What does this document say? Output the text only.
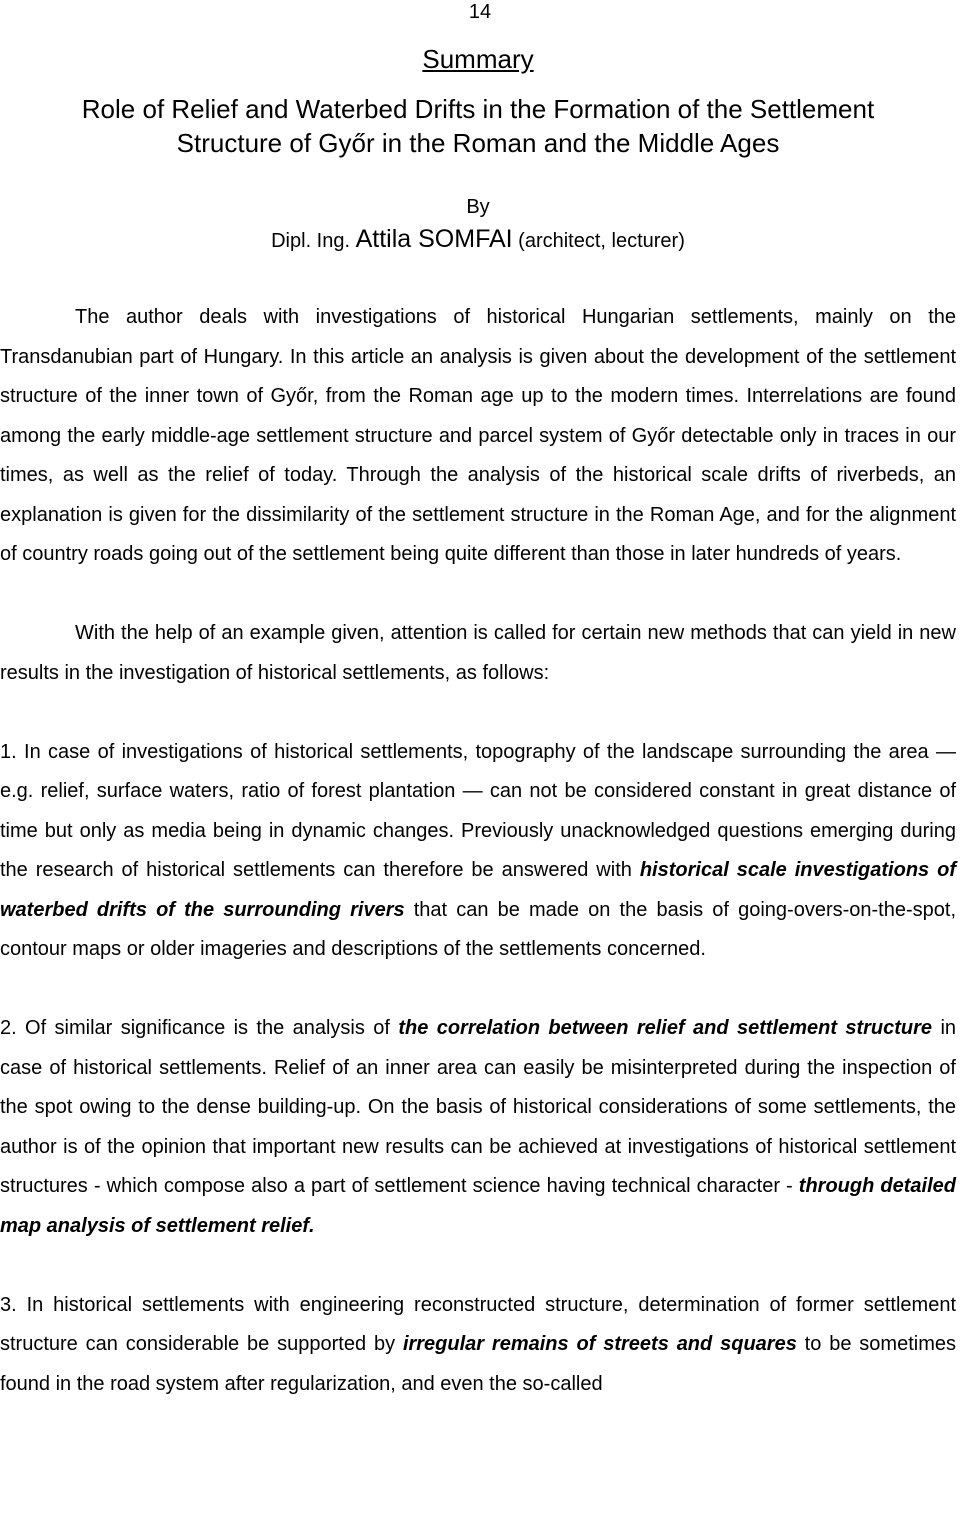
14
Summary
Role of Relief and Waterbed Drifts in the Formation of the Settlement
Structure of Győr in the Roman and the Middle Ages
By
Dipl. Ing. Attila SOMFAI (architect, lecturer)

The author deals with investigations of historical Hungarian settlements, mainly on the Transdanubian part of Hungary. In this article an analysis is given about the development of the settlement structure of the inner town of Győr, from the Roman age up to the modern times. Interrelations are found among the early middle-age settlement structure and parcel system of Győr detectable only in traces in our times, as well as the relief of today. Through the analysis of the historical scale drifts of riverbeds, an explanation is given for the dissimilarity of the settlement structure in the Roman Age, and for the alignment of country roads going out of the settlement being quite different than those in later hundreds of years.

With the help of an example given, attention is called for certain new methods that can yield in new results in the investigation of historical settlements, as follows:

1. In case of investigations of historical settlements, topography of the landscape surrounding the area — e.g. relief, surface waters, ratio of forest plantation — can not be considered constant in great distance of time but only as media being in dynamic changes. Previously unacknowledged questions emerging during the research of historical settlements can therefore be answered with historical scale investigations of waterbed drifts of the surrounding rivers that can be made on the basis of going-overs-on-the-spot, contour maps or older imageries and descriptions of the settlements concerned.

2. Of similar significance is the analysis of the correlation between relief and settlement structure in case of historical settlements. Relief of an inner area can easily be misinterpreted during the inspection of the spot owing to the dense building-up. On the basis of historical considerations of some settlements, the author is of the opinion that important new results can be achieved at investigations of historical settlement structures - which compose also a part of settlement science having technical character - through detailed map analysis of settlement relief.

3. In historical settlements with engineering reconstructed structure, determination of former settlement structure can considerable be supported by irregular remains of streets and squares to be sometimes found in the road system after regularization, and even the so-called
